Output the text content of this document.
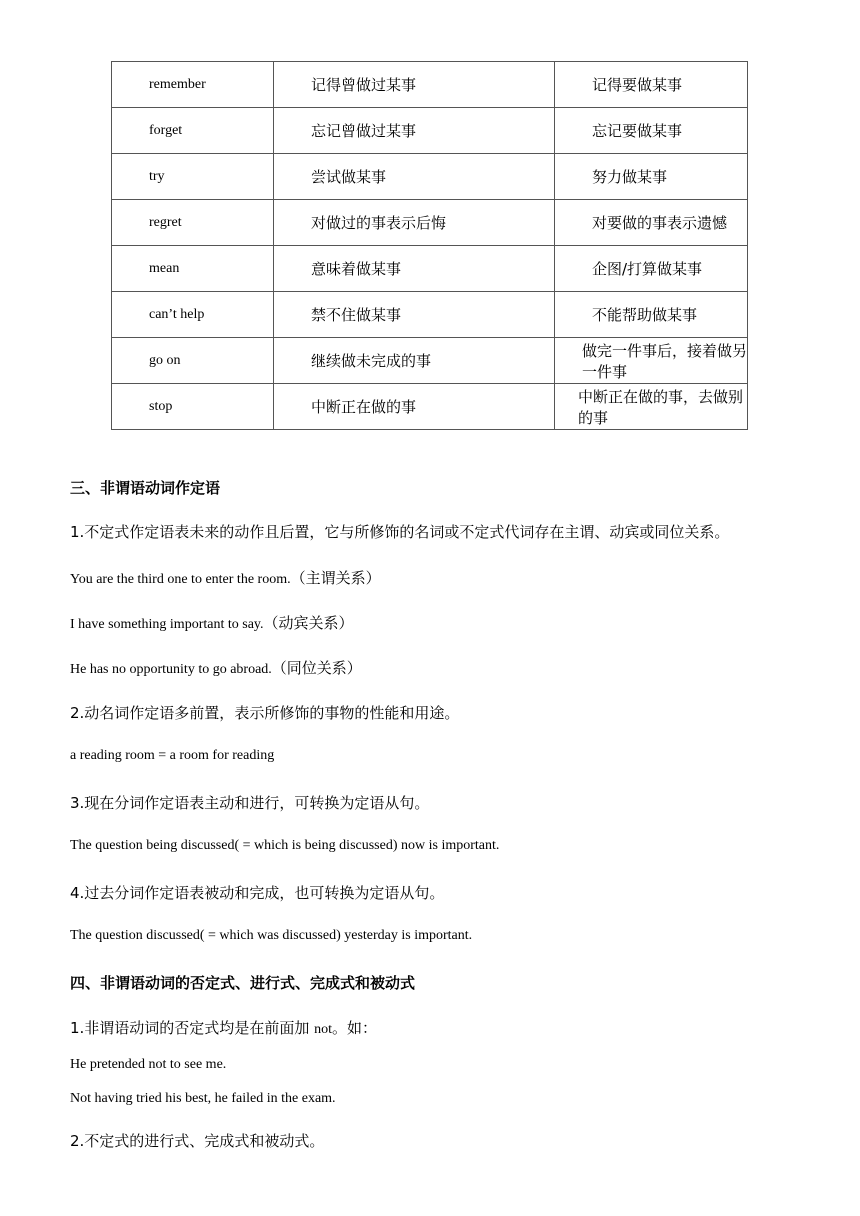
remember	记得曾做过某事	记得要做某事
forget	忘记曾做过某事	忘记要做某事
try	尝试做某事	努力做某事
regret	对做过的事表示后悔	对要做的事表示遗憾
mean	意味着做某事	企图/打算做某事
can’t help	禁不住做某事	不能帮助做某事
go on	继续做未完成的事	做完一件事后，接着做另一件事
stop	中断正在做的事	中断正在做的事，去做别的事
三、非谓语动词作定语
1.不定式作定语表未来的动作且后置，它与所修饰的名词或不定式代词存在主谓、动宾或同位关系。
You are the third one to enter the room.（主谓关系）
I have something important to say.（动宾关系）
He has no opportunity to go abroad.（同位关系）
2.动名词作定语多前置，表示所修饰的事物的性能和用途。
a reading room = a room for reading
3.现在分词作定语表主动和进行，可转换为定语从句。
The question being discussed( = which is being discussed) now is important.
4.过去分词作定语表被动和完成，也可转换为定语从句。
The question discussed( = which was discussed) yesterday is important.
四、非谓语动词的否定式、进行式、完成式和被动式
1.非谓语动词的否定式均是在前面加 not。如：
He pretended not to see me.
Not having tried his best, he failed in the exam.
2.不定式的进行式、完成式和被动式。
